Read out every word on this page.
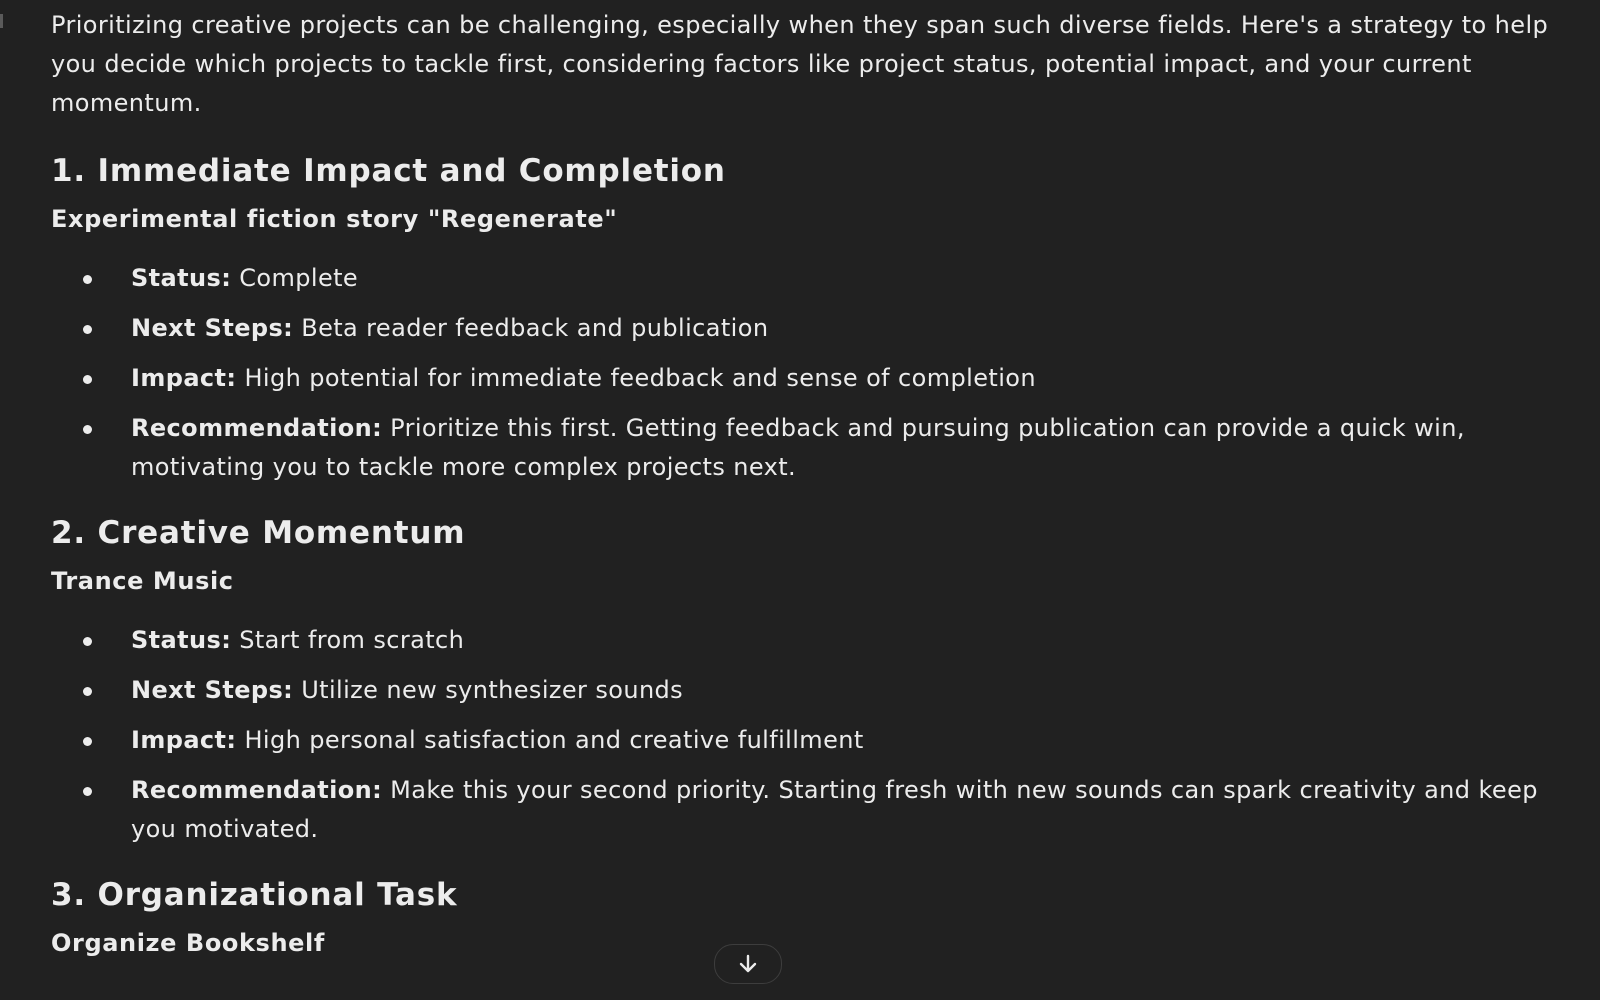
Prioritizing creative projects can be challenging, especially when they span such diverse fields. Here's a strategy to help you decide which projects to tackle first, considering factors like project status, potential impact, and your current momentum.

1. Immediate Impact and Completion

Experimental fiction story "Regenerate"

Status: Complete
Next Steps: Beta reader feedback and publication
Impact: High potential for immediate feedback and sense of completion
Recommendation: Prioritize this first. Getting feedback and pursuing publication can provide a quick win, motivating you to tackle more complex projects next.
2. Creative Momentum

Trance Music

Status: Start from scratch
Next Steps: Utilize new synthesizer sounds
Impact: High personal satisfaction and creative fulfillment
Recommendation: Make this your second priority. Starting fresh with new sounds can spark creativity and keep you motivated.
3. Organizational Task

Organize Bookshelf
